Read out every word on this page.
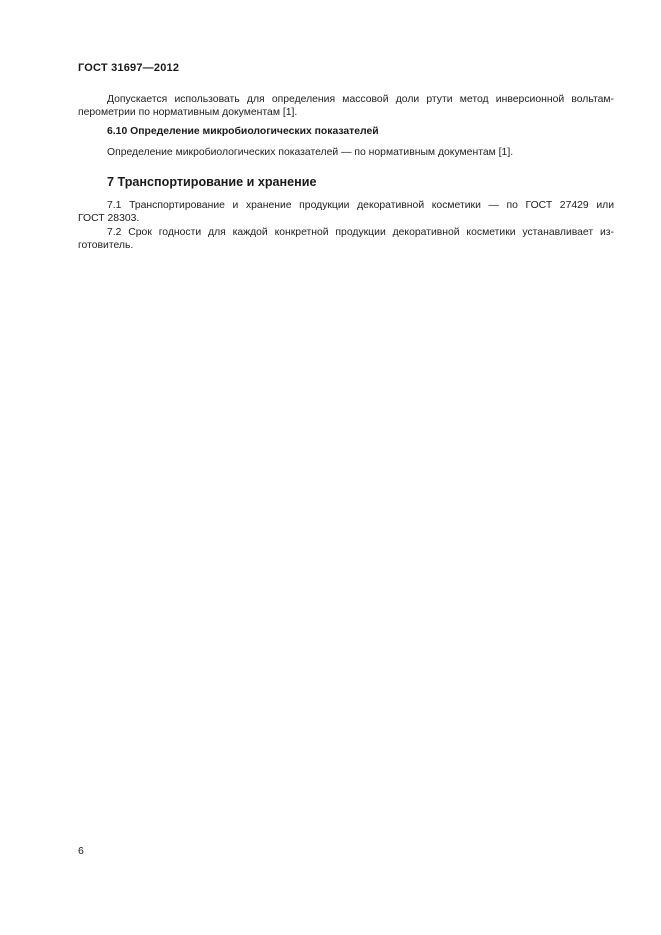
ГОСТ 31697—2012
Допускается использовать для определения массовой доли ртути метод инверсионной вольтам-
перометрии по нормативным документам [1].
6.10 Определение микробиологических показателей
Определение микробиологических показателей — по нормативным документам [1].
7 Транспортирование и хранение
7.1 Транспортирование и хранение продукции декоративной косметики — по ГОСТ 27429 или
ГОСТ 28303.
7.2 Срок годности для каждой конкретной продукции декоративной косметики устанавливает из-
готовитель.
6
